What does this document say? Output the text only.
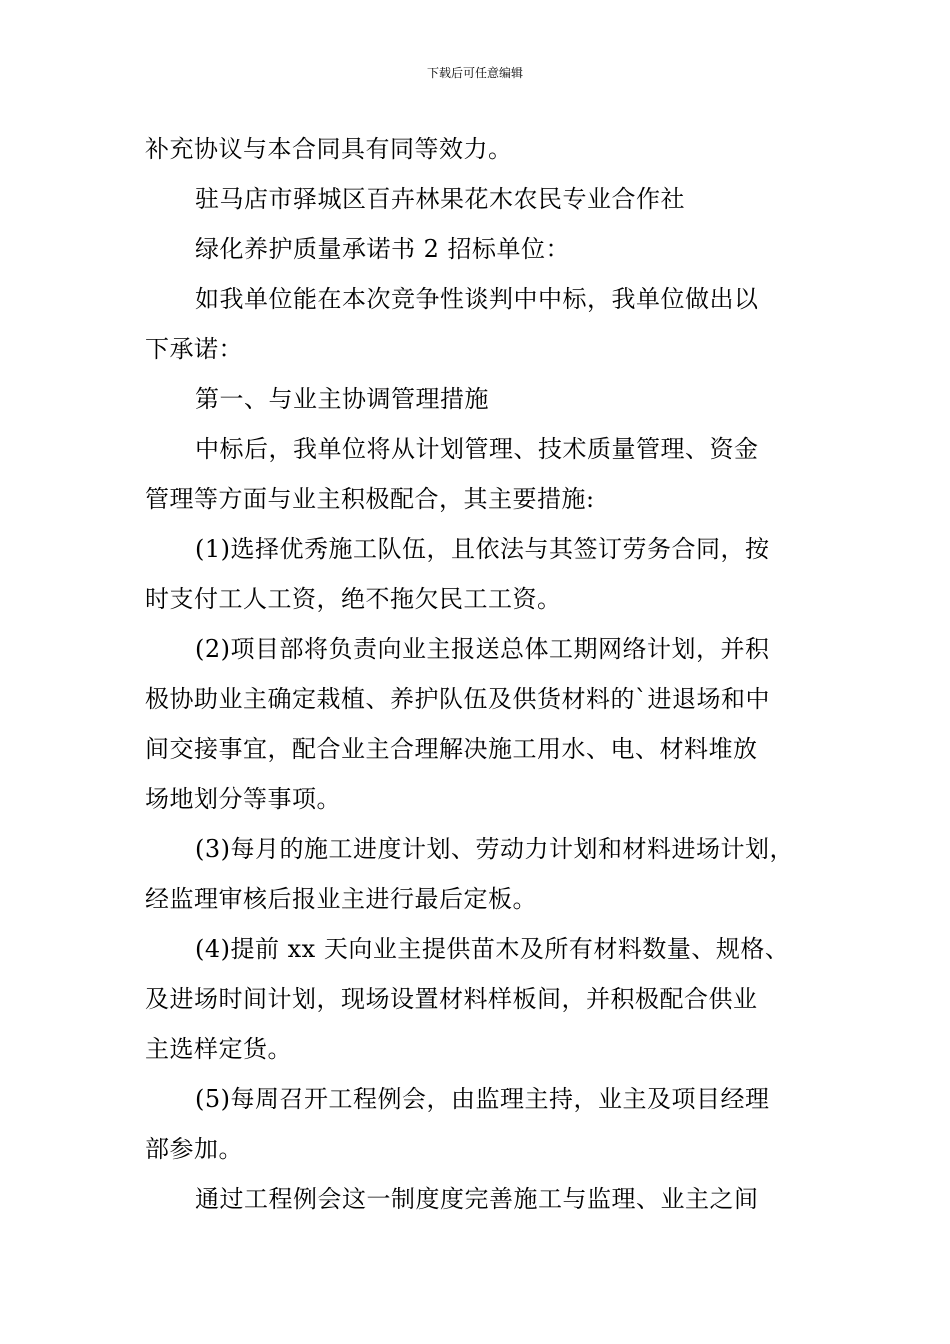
下载后可任意编辑

补充协议与本合同具有同等效力。

驻马店市驿城区百卉林果花木农民专业合作社

绿化养护质量承诺书 2 招标单位：

如我单位能在本次竞争性谈判中中标，我单位做出以
下承诺：

第一、与业主协调管理措施

中标后，我单位将从计划管理、技术质量管理、资金
管理等方面与业主积极配合，其主要措施:

(1)选择优秀施工队伍，且依法与其签订劳务合同，按
时支付工人工资，绝不拖欠民工工资。

(2)项目部将负责向业主报送总体工期网络计划，并积
极协助业主确定栽植、养护队伍及供货材料的`进退场和中
间交接事宜，配合业主合理解决施工用水、电、材料堆放
场地划分等事项。

(3)每月的施工进度计划、劳动力计划和材料进场计划，
经监理审核后报业主进行最后定板。

(4)提前 xx 天向业主提供苗木及所有材料数量、规格、
及进场时间计划，现场设置材料样板间，并积极配合供业
主选样定货。

(5)每周召开工程例会，由监理主持，业主及项目经理
部参加。

通过工程例会这一制度度完善施工与监理、业主之间
